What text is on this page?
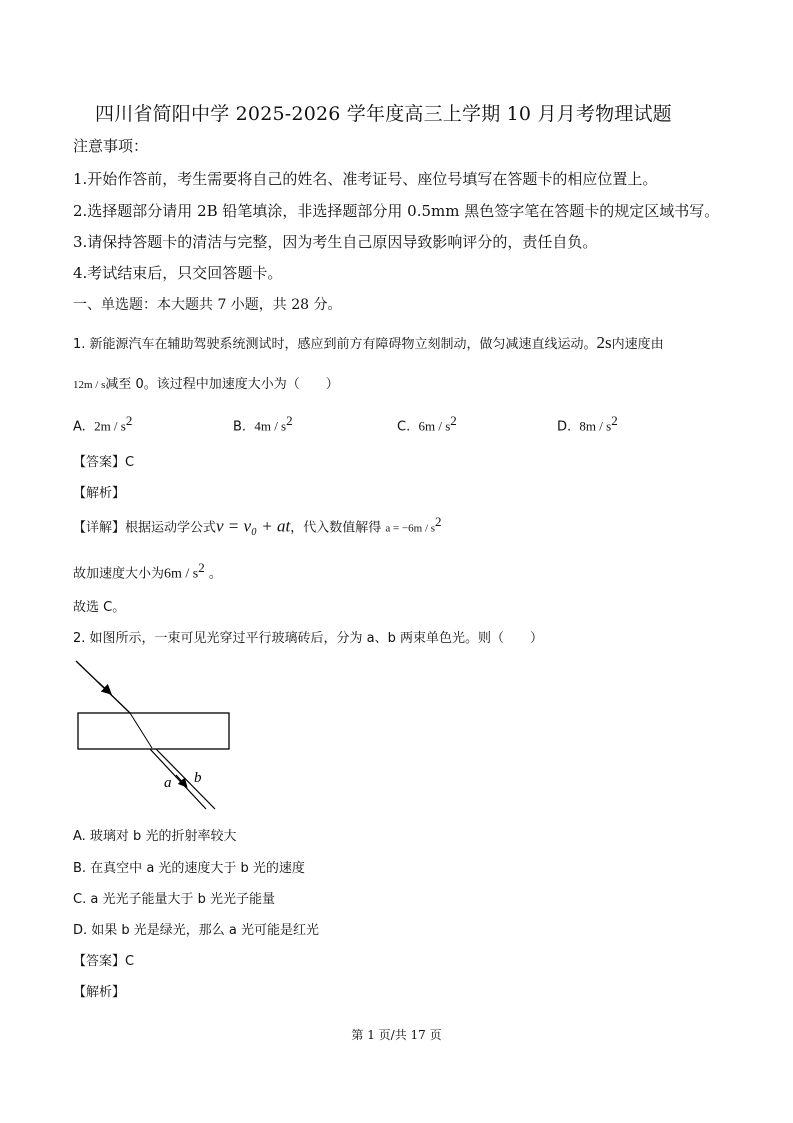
四川省简阳中学 2025-2026 学年度高三上学期 10 月月考物理试题
注意事项：
1.开始作答前，考生需要将自己的姓名、准考证号、座位号填写在答题卡的相应位置上。
2.选择题部分请用 2B 铅笔填涂，非选择题部分用 0.5mm 黑色签字笔在答题卡的规定区域书写。
3.请保持答题卡的清洁与完整，因为考生自己原因导致影响评分的，责任自负。
4.考试结束后，只交回答题卡。
一、单选题：本大题共 7 小题，共 28 分。
1. 新能源汽车在辅助驾驶系统测试时，感应到前方有障碍物立刻制动，做匀减速直线运动。2s内速度由
12m / s减至 0。该过程中加速度大小为（　　）
A. $2m / s^2$	B. $4m / s^2$	C. $6m / s^2$	D. $8m / s^2$
【答案】C
【解析】
【详解】根据运动学公式v = v₀ + at，代入数值解得 $a = -6m / s^2$
故加速度大小为$6m / s^2$ 。
故选 C。
2. 如图所示，一束可见光穿过平行玻璃砖后，分为 a、b 两束单色光。则（　　）
a b
A. 玻璃对 b 光的折射率较大
B. 在真空中 a 光的速度大于 b 光的速度
C. a 光光子能量大于 b 光光子能量
D. 如果 b 光是绿光，那么 a 光可能是红光
【答案】C
【解析】
第 1 页/共 17 页
